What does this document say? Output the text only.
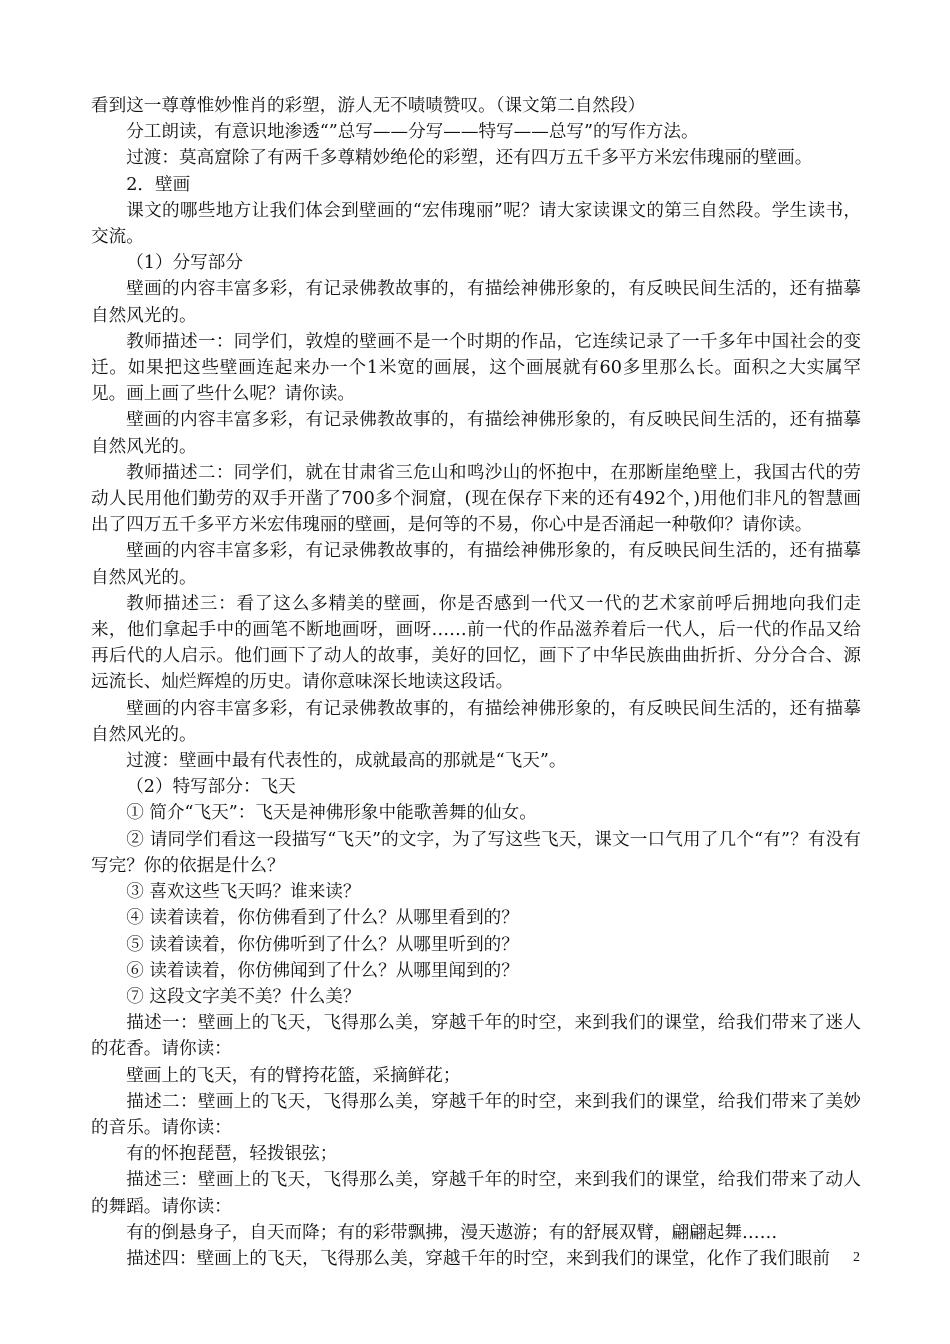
看到这一尊尊惟妙惟肖的彩塑，游人无不啧啧赞叹。（课文第二自然段）

分工朗读，有意识地渗透“”总写——分写——特写——总写”的写作方法。

过渡：莫高窟除了有两千多尊精妙绝伦的彩塑，还有四万五千多平方米宏伟瑰丽的壁画。

2．壁画

课文的哪些地方让我们体会到壁画的“宏伟瑰丽”呢？请大家读课文的第三自然段。学生读书，交流。

（1）分写部分

壁画的内容丰富多彩，有记录佛教故事的，有描绘神佛形象的，有反映民间生活的，还有描摹自然风光的。

教师描述一：同学们，敦煌的壁画不是一个时期的作品，它连续记录了一千多年中国社会的变迁。如果把这些壁画连起来办一个1米宽的画展，这个画展就有60多里那么长。面积之大实属罕见。画上画了些什么呢？请你读。

壁画的内容丰富多彩，有记录佛教故事的，有描绘神佛形象的，有反映民间生活的，还有描摹自然风光的。

教师描述二：同学们，就在甘肃省三危山和鸣沙山的怀抱中，在那断崖绝壁上，我国古代的劳动人民用他们勤劳的双手开凿了700多个洞窟，(现在保存下来的还有492个，)用他们非凡的智慧画出了四万五千多平方米宏伟瑰丽的壁画，是何等的不易，你心中是否涌起一种敬仰？请你读。

壁画的内容丰富多彩，有记录佛教故事的，有描绘神佛形象的，有反映民间生活的，还有描摹自然风光的。

教师描述三：看了这么多精美的壁画，你是否感到一代又一代的艺术家前呼后拥地向我们走来，他们拿起手中的画笔不断地画呀，画呀……前一代的作品滋养着后一代人，后一代的作品又给再后代的人启示。他们画下了动人的故事，美好的回忆，画下了中华民族曲曲折折、分分合合、源远流长、灿烂辉煌的历史。请你意味深长地读这段话。

壁画的内容丰富多彩，有记录佛教故事的，有描绘神佛形象的，有反映民间生活的，还有描摹自然风光的。

过渡：壁画中最有代表性的，成就最高的那就是“飞天”。

（2）特写部分：飞天

① 简介“飞天”：飞天是神佛形象中能歌善舞的仙女。

② 请同学们看这一段描写“飞天”的文字，为了写这些飞天，课文一口气用了几个“有”？有没有写完？你的依据是什么？

③ 喜欢这些飞天吗？谁来读？

④ 读着读着，你仿佛看到了什么？从哪里看到的？

⑤ 读着读着，你仿佛听到了什么？从哪里听到的？

⑥ 读着读着，你仿佛闻到了什么？从哪里闻到的？

⑦ 这段文字美不美？什么美？

描述一：壁画上的飞天，飞得那么美，穿越千年的时空，来到我们的课堂，给我们带来了迷人的花香。请你读：

壁画上的飞天，有的臂挎花篮，采摘鲜花；

描述二：壁画上的飞天，飞得那么美，穿越千年的时空，来到我们的课堂，给我们带来了美妙的音乐。请你读：

有的怀抱琵琶，轻拨银弦；

描述三：壁画上的飞天，飞得那么美，穿越千年的时空，来到我们的课堂，给我们带来了动人的舞蹈。请你读：

有的倒悬身子，自天而降；有的彩带飘拂，漫天遨游；有的舒展双臂，翩翩起舞……

描述四：壁画上的飞天，飞得那么美，穿越千年的时空，来到我们的课堂，化作了我们眼前	2
